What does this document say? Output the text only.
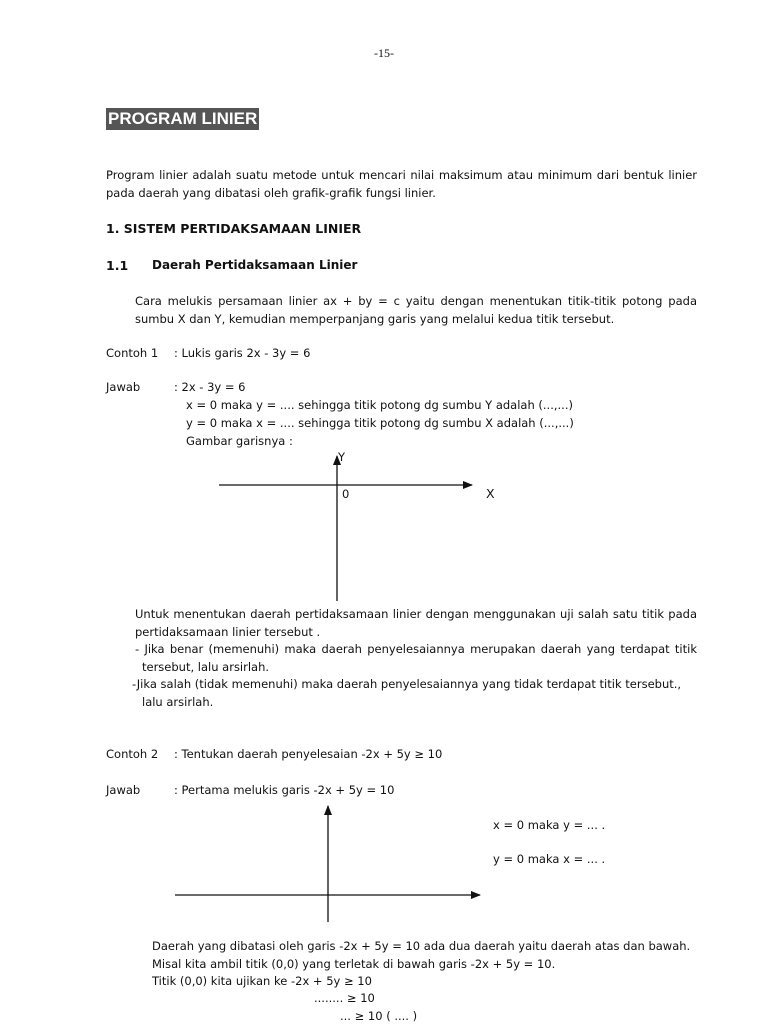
-15-
PROGRAM LINIER
Program linier adalah suatu metode untuk mencari nilai maksimum atau minimum dari bentuk linier
pada daerah yang dibatasi oleh grafik-grafik fungsi linier.
1. SISTEM PERTIDAKSAMAAN LINIER
1.1 Daerah Pertidaksamaan Linier
Cara melukis persamaan linier ax + by = c yaitu dengan menentukan titik-titik potong pada
sumbu X dan Y, kemudian memperpanjang garis yang melalui kedua titik tersebut.
Contoh 1 : Lukis garis 2x - 3y = 6
Jawab	: 2x - 3y = 6
x = 0 maka y = .... sehingga titik potong dg sumbu Y adalah (...,...)
y = 0 maka x = .... sehingga titik potong dg sumbu X adalah (...,...)
Gambar garisnya :
Y
0	X
Untuk menentukan daerah pertidaksamaan linier dengan menggunakan uji salah satu titik pada
pertidaksamaan linier tersebut .
- Jika benar (memenuhi) maka daerah penyelesaiannya merupakan daerah yang terdapat titik
tersebut, lalu arsirlah.
-Jika salah (tidak memenuhi) maka daerah penyelesaiannya yang tidak terdapat titik tersebut.,
lalu arsirlah.
Contoh 2 : Tentukan daerah penyelesaian -2x + 5y ≥ 10
Jawab	: Pertama melukis garis -2x + 5y = 10
x = 0 maka y = ... .
y = 0 maka x = ... .
Daerah yang dibatasi oleh garis -2x + 5y = 10 ada dua daerah yaitu daerah atas dan bawah.
Misal kita ambil titik (0,0) yang terletak di bawah garis -2x + 5y = 10.
Titik (0,0) kita ujikan ke -2x + 5y ≥ 10
........ ≥ 10
... ≥ 10 ( .... )
